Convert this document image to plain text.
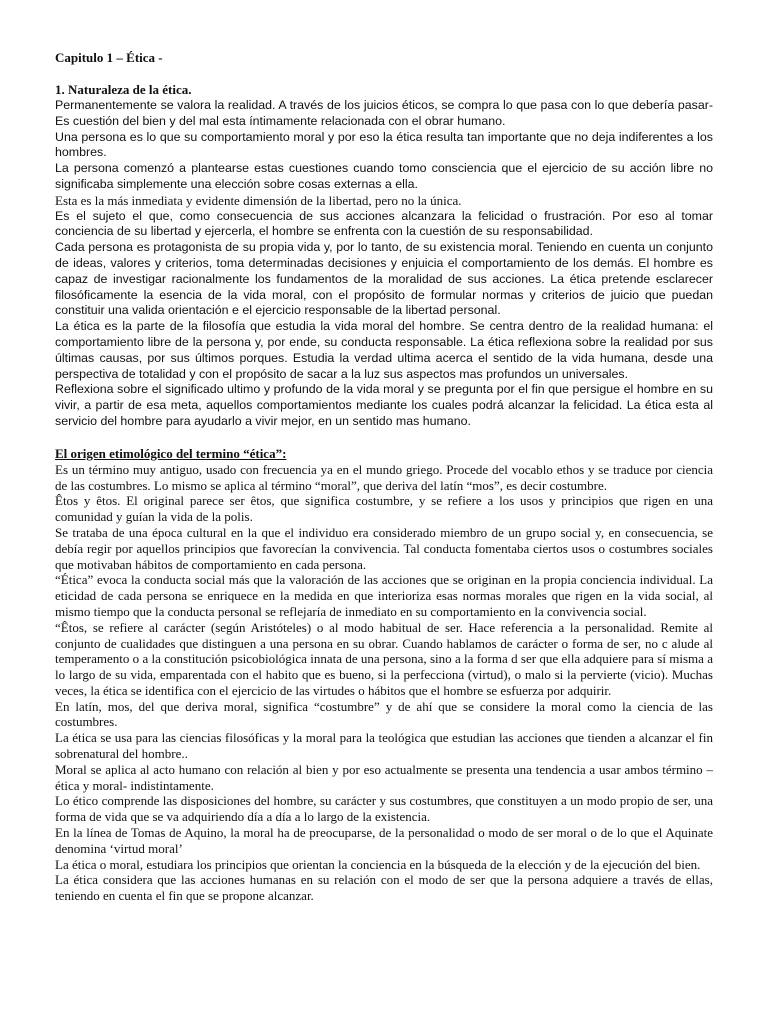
Capitulo 1 – Ética -
1. Naturaleza de la ética.

Permanentemente se valora la realidad. A través de los juicios éticos, se compra lo que pasa con lo que debería pasar- Es cuestión del bien y del mal esta íntimamente relacionada con el obrar humano.

Una persona es lo que su comportamiento moral y por eso la ética resulta tan importante que no deja indiferentes a los hombres.

La persona comenzó a plantearse estas cuestiones cuando tomo consciencia que el ejercicio de su acción libre no significaba simplemente una elección sobre cosas externas a ella.

Esta es la más inmediata y evidente dimensión de la libertad, pero no la única.

Es el sujeto el que, como consecuencia de sus acciones alcanzara la felicidad o frustración. Por eso al tomar conciencia de su libertad y ejercerla, el hombre se enfrenta con la cuestión de su responsabilidad.

Cada persona es protagonista de su propia vida y, por lo tanto, de su existencia moral. Teniendo en cuenta un conjunto de ideas, valores y criterios, toma determinadas decisiones y enjuicia el comportamiento de los demás. El hombre es capaz de investigar racionalmente los fundamentos de la moralidad de sus acciones. La ética pretende esclarecer filosóficamente la esencia de la vida moral, con el propósito de formular normas y criterios de juicio que puedan constituir una valida orientación e el ejercicio responsable de la libertad personal.

La ética es la parte de la filosofía que estudia la vida moral del hombre. Se centra dentro de la realidad humana: el comportamiento libre de la persona y, por ende, su conducta responsable. La ética reflexiona sobre la realidad por sus últimas causas, por sus últimos porques. Estudia la verdad ultima acerca el sentido de la vida humana, desde una perspectiva de totalidad y con el propósito de sacar a la luz sus aspectos mas profundos un universales.

Reflexiona sobre el significado ultimo y profundo de la vida moral y se pregunta por el fin que persigue el hombre en su vivir, a partir de esa meta, aquellos comportamientos mediante los cuales podrá alcanzar la felicidad. La ética esta al servicio del hombre para ayudarlo a vivir mejor, en un sentido mas humano.

El origen etimológico del termino “ética”:

Es un término muy antiguo, usado con frecuencia ya en el mundo griego. Procede del vocablo ethos y se traduce por ciencia de las costumbres. Lo mismo se aplica al término “moral”, que deriva del latín “mos”, es decir costumbre.

Êtos y êtos. El original parece ser êtos, que significa costumbre, y se refiere a los usos y principios que rigen en una comunidad y guían la vida de la polis.

Se trataba de una época cultural en la que el individuo era considerado miembro de un grupo social y, en consecuencia, se debía regir por aquellos principios que favorecían la convivencia. Tal conducta fomentaba ciertos usos o costumbres sociales que motivaban hábitos de comportamiento en cada persona.

“Ética” evoca la conducta social más que la valoración de las acciones que se originan en la propia conciencia individual. La eticidad de cada persona se enriquece en la medida en que interioriza esas normas morales que rigen en la vida social, al mismo tiempo que la conducta personal se reflejaría de inmediato en su comportamiento en la convivencia social.

“Êtos, se refiere al carácter (según Aristóteles) o al modo habitual de ser. Hace referencia a la personalidad. Remite al conjunto de cualidades que distinguen a una persona en su obrar. Cuando hablamos de carácter o forma de ser, no c alude al temperamento o a la constitución psicobiológica innata de una persona, sino a la forma d ser que ella adquiere para sí misma a lo largo de su vida, emparentada con el habito que es bueno, si la perfecciona (virtud), o malo si la pervierte (vicio). Muchas veces, la ética se identifica con el ejercicio de las virtudes o hábitos que el hombre se esfuerza por adquirir.

En latín, mos, del que deriva moral, significa “costumbre” y de ahí que se considere la moral como la ciencia de las costumbres.

La ética se usa para las ciencias filosóficas y la moral para la teológica que estudian las acciones que tienden a alcanzar el fin sobrenatural del hombre..

Moral se aplica al acto humano con relación al bien y por eso actualmente se presenta una tendencia a usar ambos término –ética y moral- indistintamente.

Lo ético comprende las disposiciones del hombre, su carácter y sus costumbres, que constituyen a un modo propio de ser, una forma de vida que se va adquiriendo día a día a lo largo de la existencia.

En la línea de Tomas de Aquino, la moral ha de preocuparse, de la personalidad o modo de ser moral o de lo que el Aquinate denomina ‘virtud moral’

La ética o moral, estudiara los principios que orientan la conciencia en la búsqueda de la elección y de la ejecución del bien.

La ética considera que las acciones humanas en su relación con el modo de ser que la persona adquiere a través de ellas, teniendo en cuenta el fin que se propone alcanzar.
